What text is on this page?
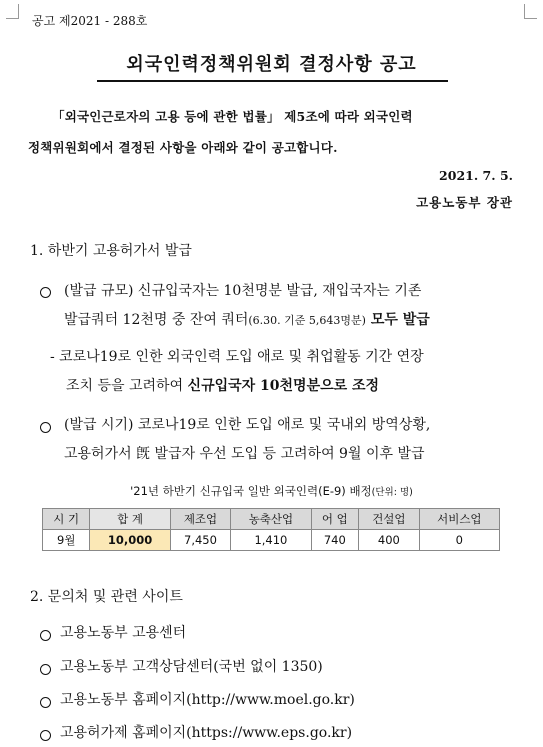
공고 제2021 - 288호
외국인력정책위원회 결정사항 공고
「외국인근로자의 고용 등에 관한 법률」 제5조에 따라 외국인력
정책위원회에서 결정된 사항을 아래와 같이 공고합니다.
2021. 7. 5.
고용노동부 장관
1. 하반기 고용허가서 발급
(발급 규모) 신규입국자는 10천명분 발급, 재입국자는 기존
발급쿼터 12천명 중 잔여 쿼터(6.30. 기준 5,643명분) 모두 발급
- 코로나19로 인한 외국인력 도입 애로 및 취업활동 기간 연장
조치 등을 고려하여 신규입국자 10천명분으로 조정
(발급 시기) 코로나19로 인한 도입 애로 및 국내외 방역상황,
고용허가서 旣 발급자 우선 도입 등 고려하여 9월 이후 발급
'21년 하반기 신규입국 일반 외국인력(E-9) 배정(단위: 명)
시 기	합 계	제조업	농축산업	어 업	건설업	서비스업
9월	10,000	7,450	1,410	740	400	0
2. 문의처 및 관련 사이트
고용노동부 고용센터
고용노동부 고객상담센터(국번 없이 1350)
고용노동부 홈페이지(http://www.moel.go.kr)
고용허가제 홈페이지(https://www.eps.go.kr)
